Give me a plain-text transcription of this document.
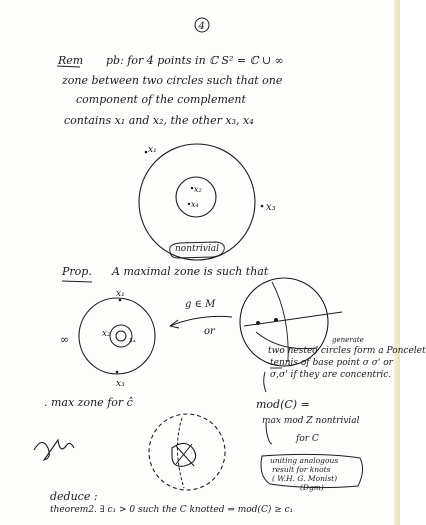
4
x₁
x₂
x₄	x₃
x₁
x₂
x₄
x₃
∞
g ∈ M
or
Rem pb: for 4 points in ℂ S² = ℂ ∪ ∞
zone between two circles such that one
component of the complement
contains x₁ and x₂, the other x₃, x₄
nontrivial
Prop. A maximal zone is such that
generate
two nested circles form a Poncelet
tennis of base point σ σ' or
σ,σ' if they are concentric.
. max zone for ĉ	mod(C) =
max mod Z nontrivial
for C
uniting analogous
result for knots
( W.H. G. Monist)
(Dgm)
deduce :
theorem2. ∃ c₁ > 0 such the C knotted ⇒ mod(C) ≥ c₁
